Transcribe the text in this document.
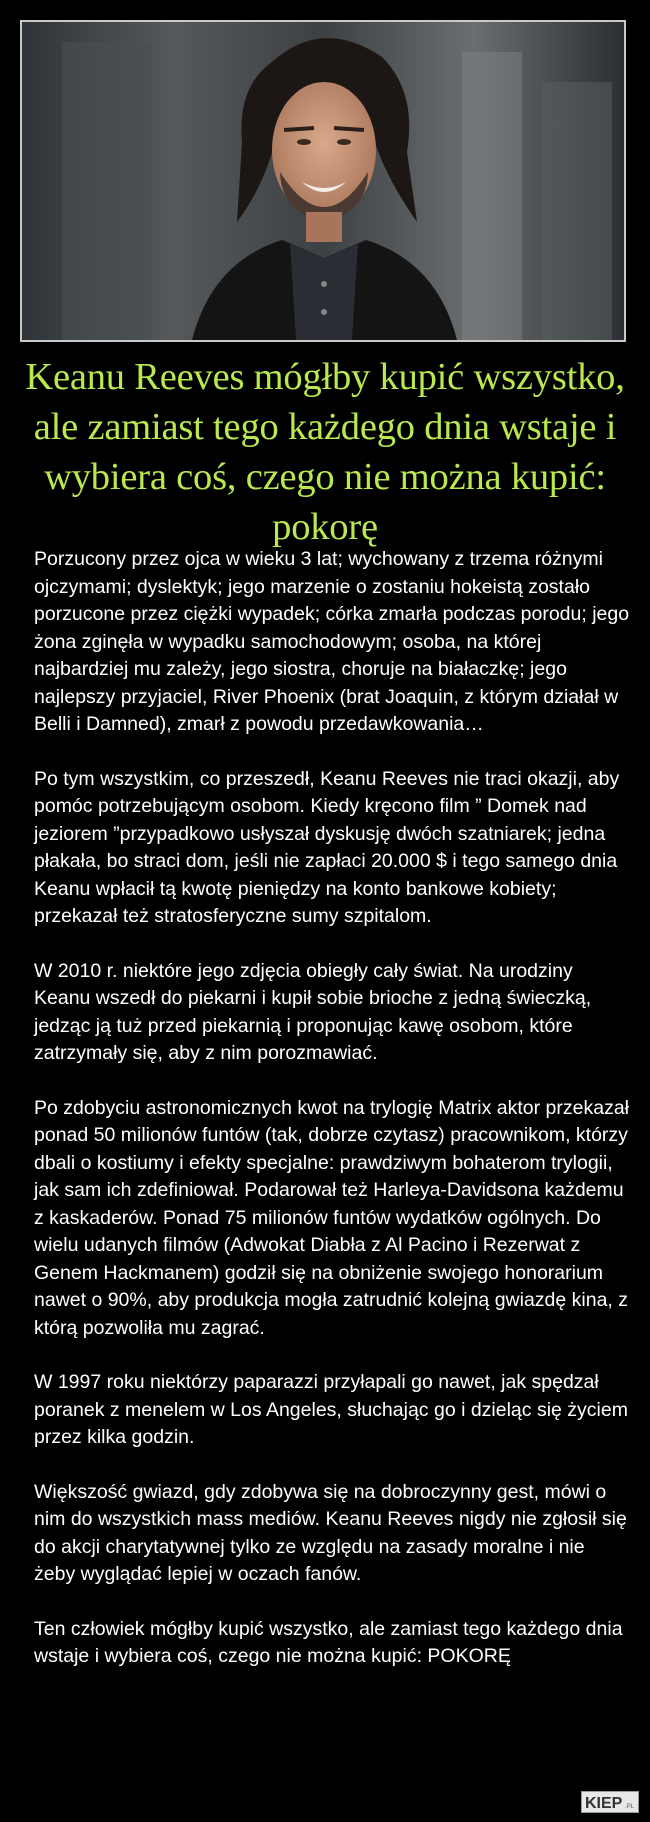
Keanu Reeves mógłby kupić wszystko, ale zamiast tego każdego dnia wstaje i wybiera coś, czego nie można kupić: pokorę

Porzucony przez ojca w wieku 3 lat; wychowany z trzema różnymi ojczymami; dyslektyk; jego marzenie o zostaniu hokeistą zostało porzucone przez ciężki wypadek; córka zmarła podczas porodu; jego żona zginęła w wypadku samochodowym; osoba, na której najbardziej mu zależy, jego siostra, choruje na białaczkę; jego najlepszy przyjaciel, River Phoenix (brat Joaquin, z którym działał w Belli i Damned), zmarł z powodu przedawkowania…

Po tym wszystkim, co przeszedł, Keanu Reeves nie traci okazji, aby pomóc potrzebującym osobom. Kiedy kręcono film ” Domek nad jeziorem ”przypadkowo usłyszał dyskusję dwóch szatniarek; jedna płakała, bo straci dom, jeśli nie zapłaci 20.000 $ i tego samego dnia Keanu wpłacił tą kwotę pieniędzy na konto bankowe kobiety; przekazał też stratosferyczne sumy szpitalom.

W 2010 r. niektóre jego zdjęcia obiegły cały świat. Na urodziny Keanu wszedł do piekarni i kupił sobie brioche z jedną świeczką, jedząc ją tuż przed piekarnią i proponując kawę osobom, które zatrzymały się, aby z nim porozmawiać.

Po zdobyciu astronomicznych kwot na trylogię Matrix aktor przekazał ponad 50 milionów funtów (tak, dobrze czytasz) pracownikom, którzy dbali o kostiumy i efekty specjalne: prawdziwym bohaterom trylogii, jak sam ich zdefiniował. Podarował też Harleya-Davidsona każdemu z kaskaderów. Ponad 75 milionów funtów wydatków ogólnych. Do wielu udanych filmów (Adwokat Diabła z Al Pacino i Rezerwat z Genem Hackmanem) godził się na obniżenie swojego honorarium nawet o 90%, aby produkcja mogła zatrudnić kolejną gwiazdę kina, z którą pozwoliła mu zagrać.

W 1997 roku niektórzy paparazzi przyłapali go nawet, jak spędzał poranek z menelem w Los Angeles, słuchając go i dzieląc się życiem przez kilka godzin.

Większość gwiazd, gdy zdobywa się na dobroczynny gest, mówi o nim do wszystkich mass mediów. Keanu Reeves nigdy nie zgłosił się do akcji charytatywnej tylko ze względu na zasady moralne i nie żeby wyglądać lepiej w oczach fanów.

Ten człowiek mógłby kupić wszystko, ale zamiast tego każdego dnia wstaje i wybiera coś, czego nie można kupić: POKORĘ

KIEP .PL
